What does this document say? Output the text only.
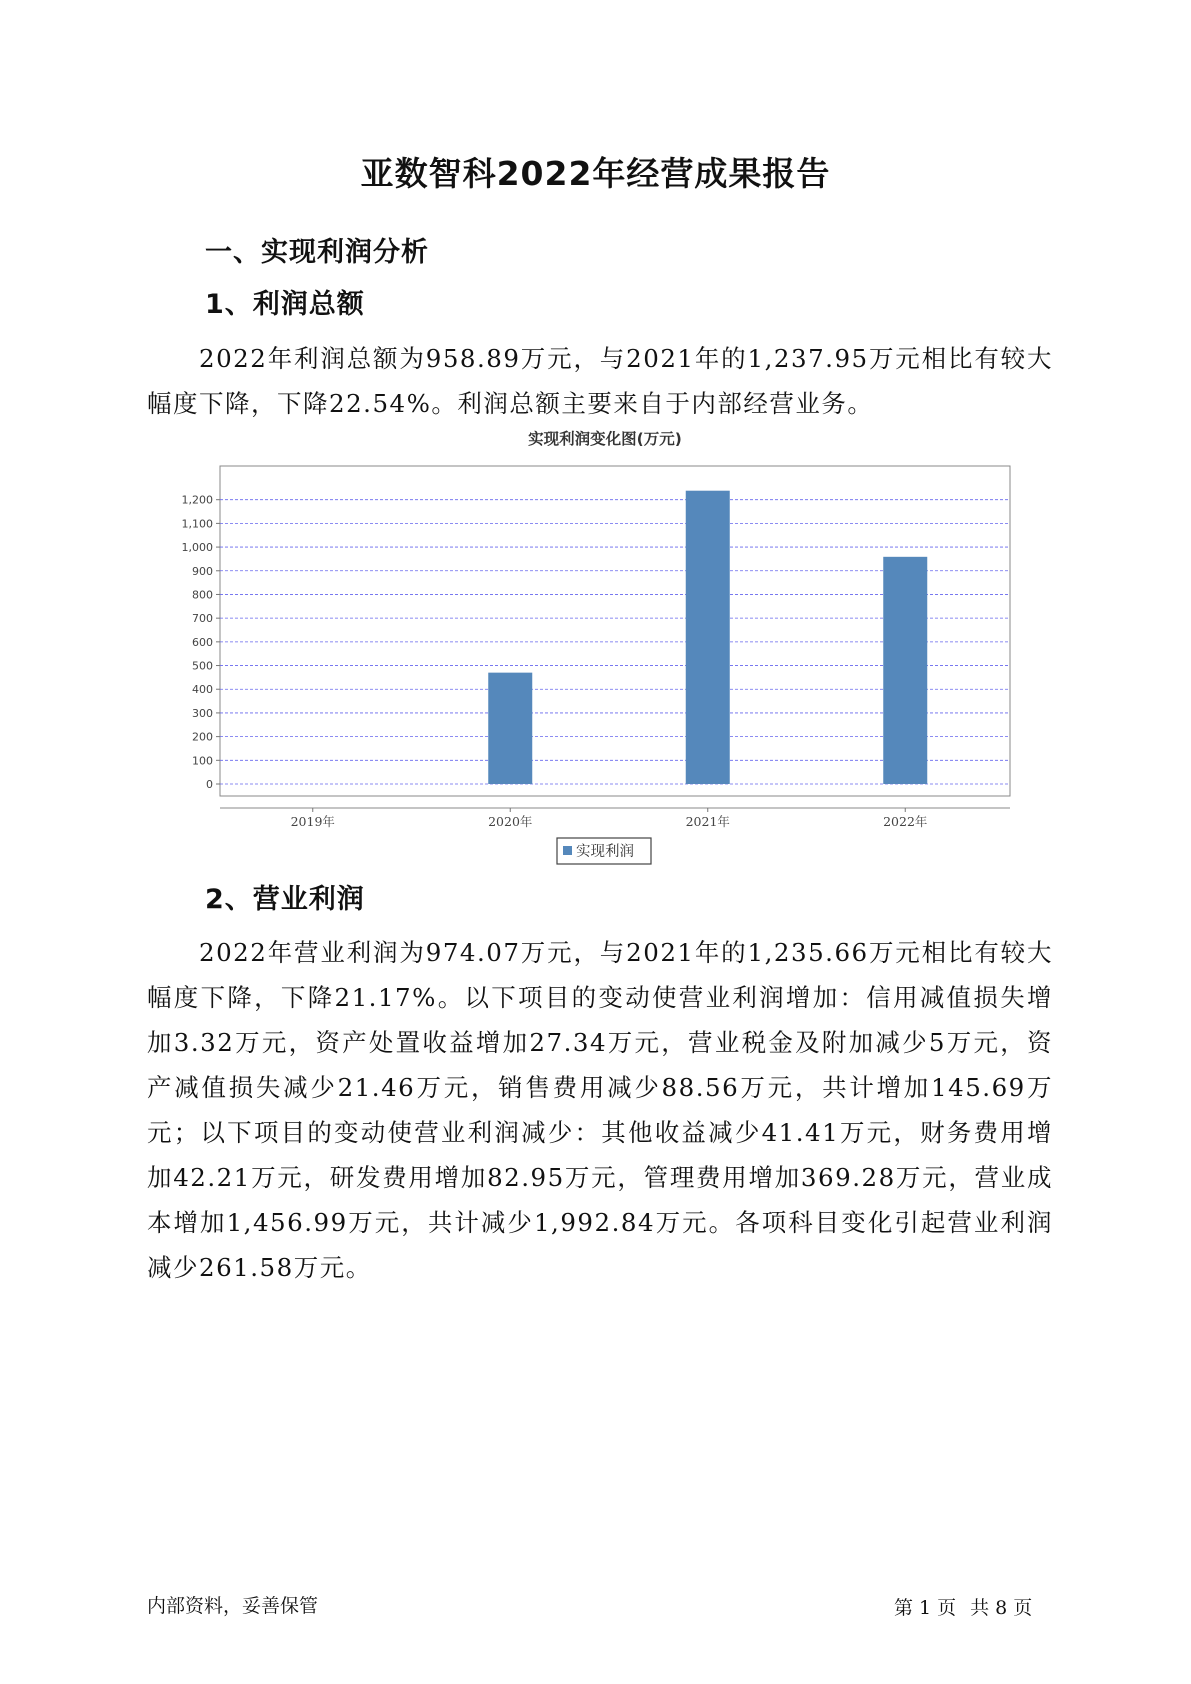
亚数智科2022年经营成果报告
一、实现利润分析
1、利润总额

2022年利润总额为958.89万元，与2021年的1,237.95万元相比有较大幅度下降，下降22.54%。利润总额主要来自于内部经营业务。

实现利润变化图(万元)
0
100
200
300
400
500
600
700
800
900
1,000
1,100
1,200
2019年	2020年	2021年	2022年
实现利润
2、营业利润

2022年营业利润为974.07万元，与2021年的1,235.66万元相比有较大幅度下降，下降21.17%。以下项目的变动使营业利润增加：信用减值损失增加3.32万元，资产处置收益增加27.34万元，营业税金及附加减少5万元，资产减值损失减少21.46万元，销售费用减少88.56万元，共计增加145.69万元；以下项目的变动使营业利润减少：其他收益减少41.41万元，财务费用增加42.21万元，研发费用增加82.95万元，管理费用增加369.28万元，营业成本增加1,456.99万元，共计减少1,992.84万元。各项科目变化引起营业利润减少261.58万元。

内部资料，妥善保管	第 1 页 共 8 页
